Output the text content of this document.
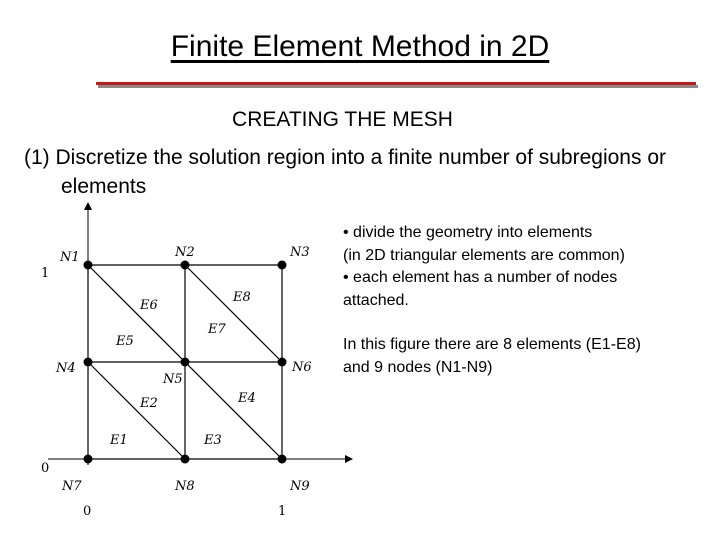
Finite Element Method in 2D
CREATING THE MESH
(1) Discretize the solution region into a finite number of subregions or elements
• divide the geometry into elements
(in 2D triangular elements are common)
• each element has a number of nodes
attached.
In this figure there are 8 elements (E1-E8)
and 9 nodes (N1-N9)
N1	N2	N3
N4
N5
N6
N7	N8	N9
E1
E2
E3
E4
E5
E6
E7
E8
1
0
0	1
